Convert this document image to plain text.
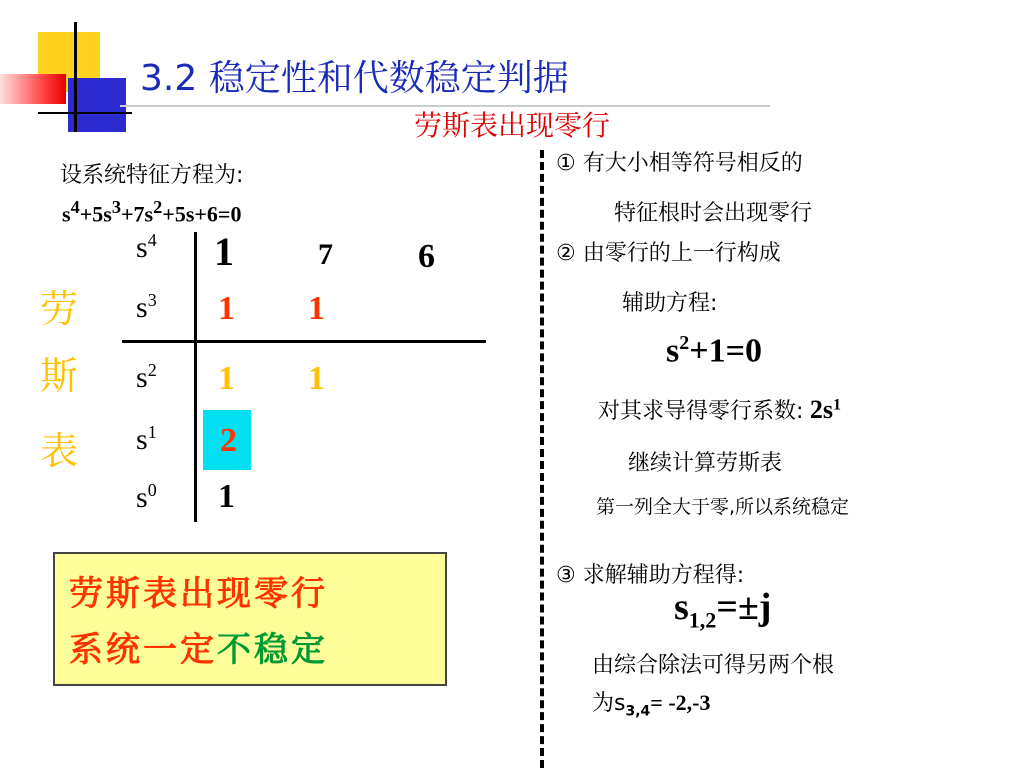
3.2 稳定性和代数稳定判据
劳斯表出现零行
设系统特征方程为:
$s^4+5s^3+7s^2+5s+6=0$
劳
斯
表
$s^4$
$s^3$
$s^2$
$s^1$
$s^0$
1	7	6
1 1
1 1
2
1
劳斯表出现零行
系统一定不稳定
① 有大小相等符号相反的
特征根时会出现零行
② 由零行的上一行构成
辅助方程:
$s^2+1=0$
对其求导得零行系数: $2s^1$
继续计算劳斯表
第一列全大于零,所以系统稳定
③ 求解辅助方程得:
$s_{1,2}=\pm j$
由综合除法可得另两个根
为$s_{3,4}= -2,-3$
